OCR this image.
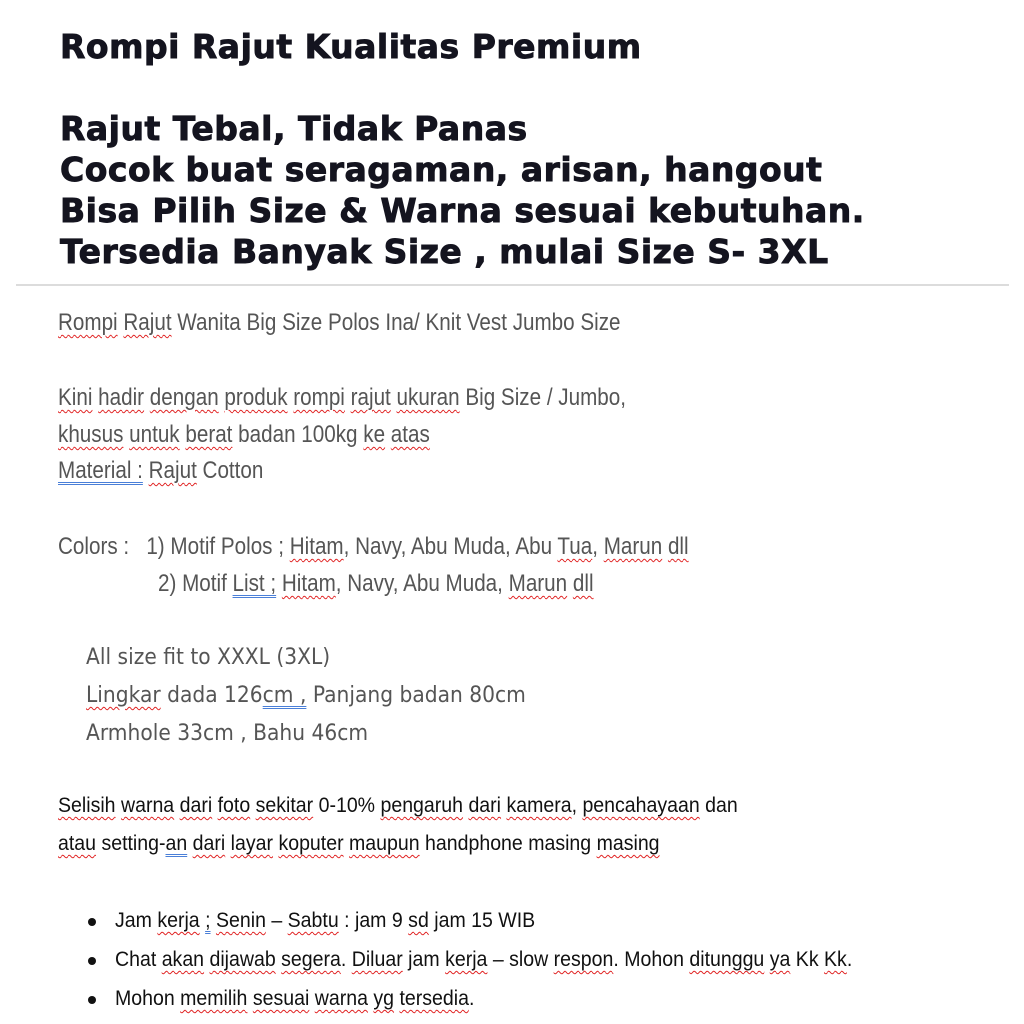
Rompi Rajut Kualitas Premium
Rajut Tebal, Tidak Panas
Cocok buat seragaman, arisan, hangout
Bisa Pilih Size & Warna sesuai kebutuhan.
Tersedia Banyak Size , mulai Size S- 3XL
Rompi Rajut Wanita Big Size Polos Ina/ Knit Vest Jumbo Size
Kini hadir dengan produk rompi rajut ukuran Big Size / Jumbo,
khusus untuk berat badan 100kg ke atas
Material : Rajut Cotton
Colors : 1) Motif Polos ; Hitam, Navy, Abu Muda, Abu Tua, Marun dll
2) Motif List ; Hitam, Navy, Abu Muda, Marun dll
All size fit to XXXL (3XL)
Lingkar dada 126cm , Panjang badan 80cm
Armhole 33cm , Bahu 46cm
Selisih warna dari foto sekitar 0-10% pengaruh dari kamera, pencahayaan dan
atau setting-an dari layar koputer maupun handphone masing masing
Jam kerja ; Senin – Sabtu : jam 9 sd jam 15 WIB
Chat akan dijawab segera. Diluar jam kerja – slow respon. Mohon ditunggu ya Kk Kk.
Mohon memilih sesuai warna yg tersedia.
